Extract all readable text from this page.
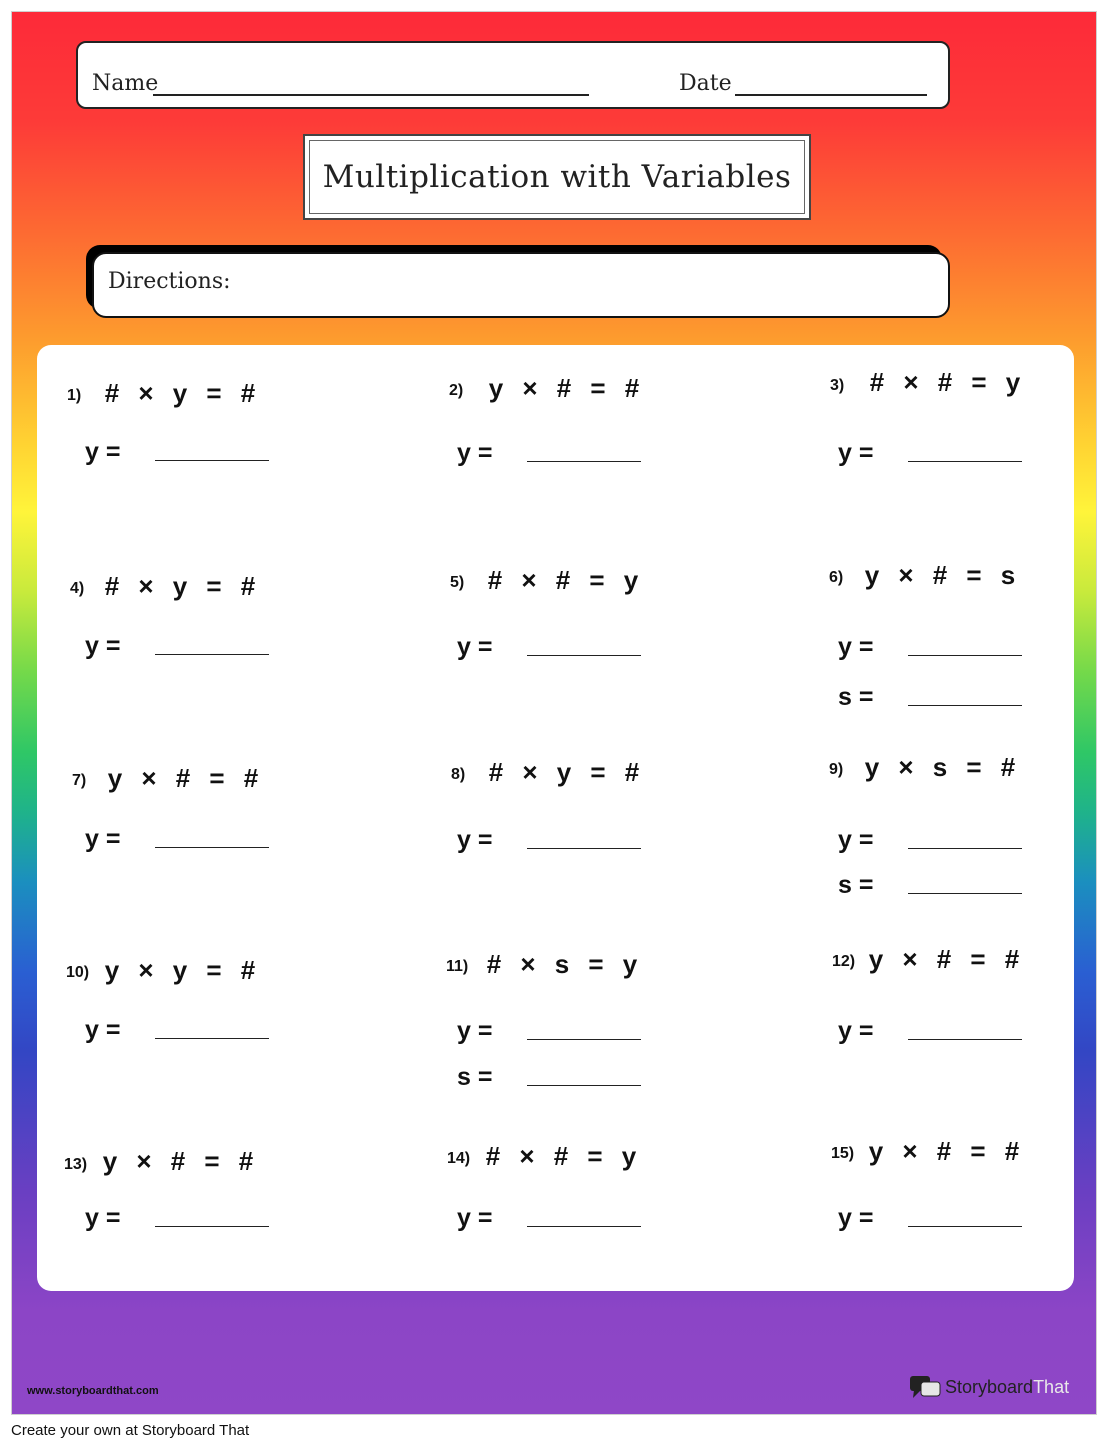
Name	Date
Multiplication with Variables
Directions:
1) # × y = #
y =
2) y × # = #
y =
3) # × # = y
y =
4) # × y = #
y =
5) # × # = y
y =
6) y × # = s
y =
s =
7) y × # = #
y =
8) # × y = #
y =
9) y × s = #
y =
s =
10) y × y = #
y =
11) # × s = y
y =
s =
12) y × # = #
y =
13) y × # = #
y =
14) # × # = y
y =
15) y × # = #
y =
www.storyboardthat.com	Storyboard That
Create your own at Storyboard That
